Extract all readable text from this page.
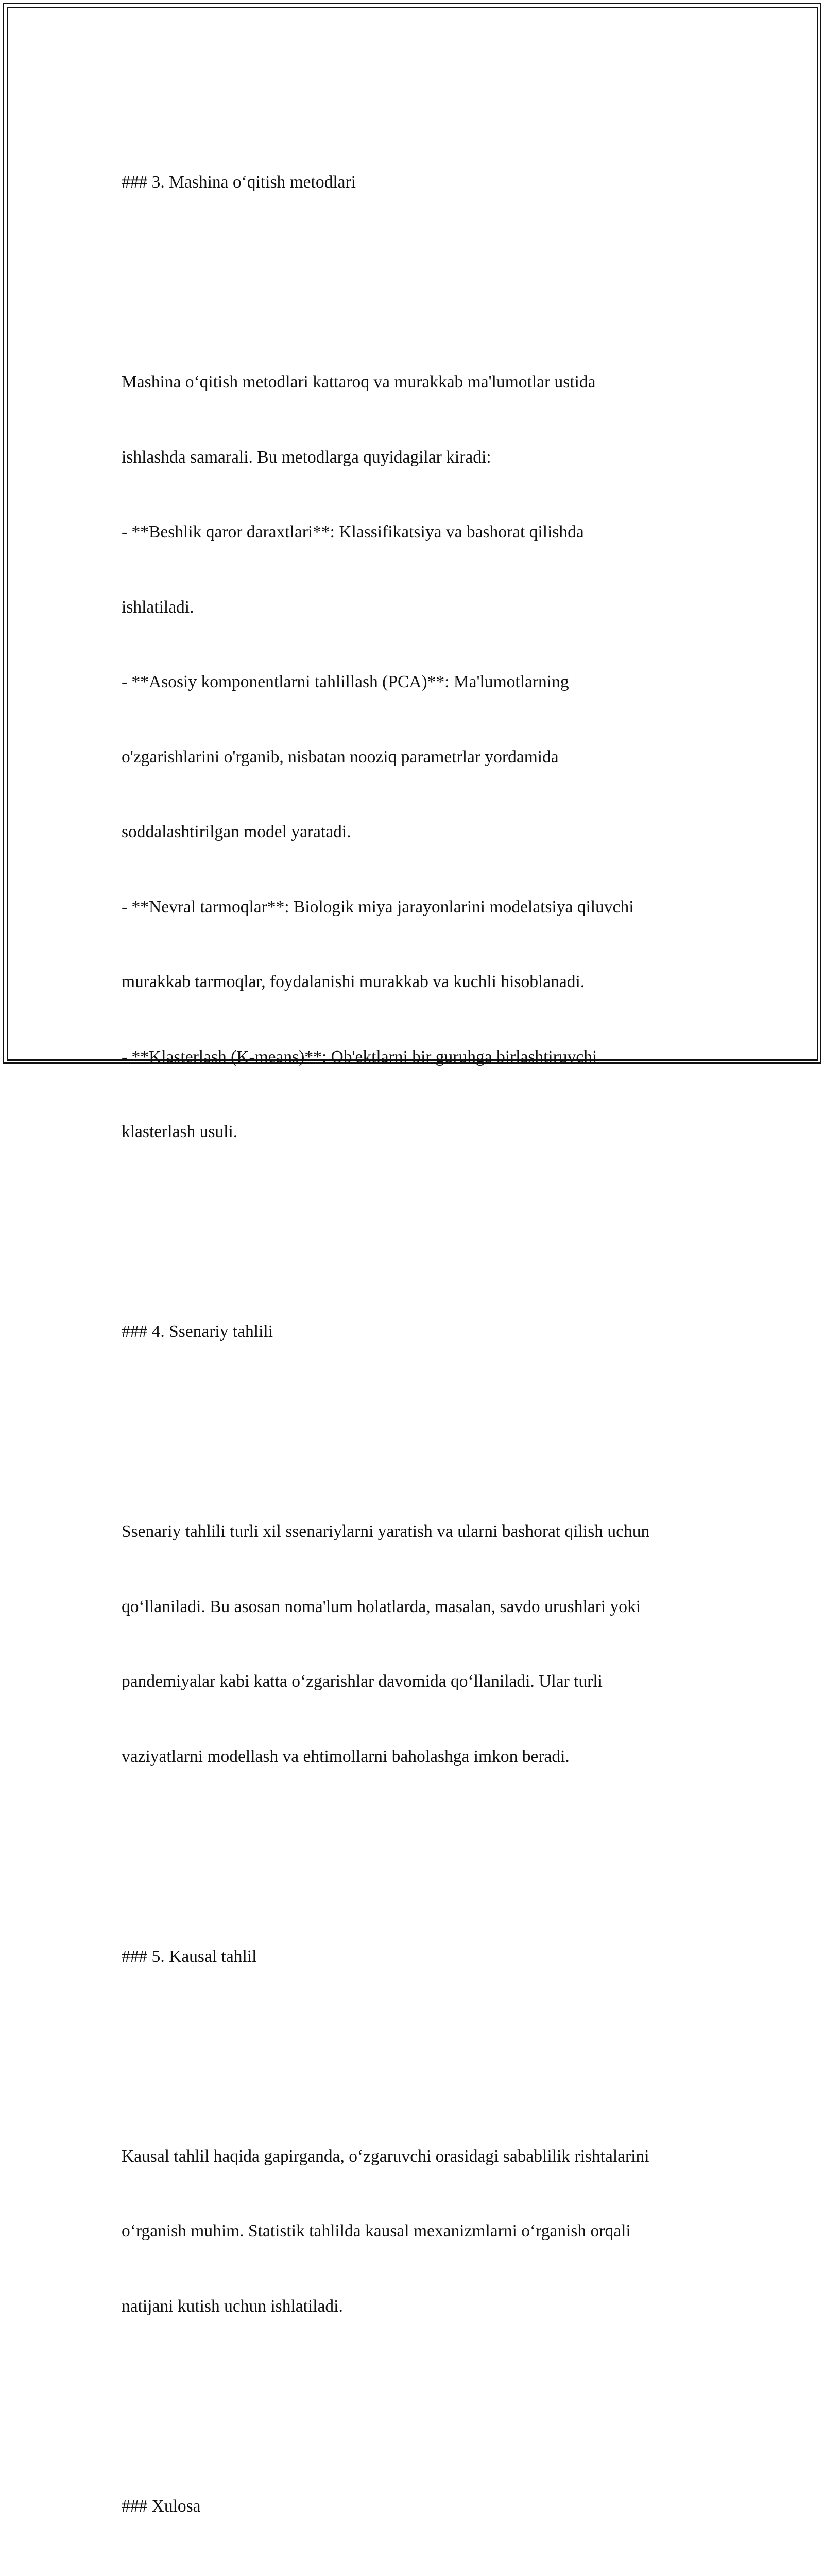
### 3. Mashina o‘qitish metodlari

Mashina o‘qitish metodlari kattaroq va murakkab ma'lumotlar ustida

ishlashda samarali. Bu metodlarga quyidagilar kiradi:

- **Beshlik qaror daraxtlari**: Klassifikatsiya va bashorat qilishda

ishlatiladi.

- **Asosiy komponentlarni tahlillash (PCA)**: Ma'lumotlarning

o'zgarishlarini o'rganib, nisbatan nooziq parametrlar yordamida

soddalashtirilgan model yaratadi.

- **Nevral tarmoqlar**: Biologik miya jarayonlarini modelatsiya qiluvchi

murakkab tarmoqlar, foydalanishi murakkab va kuchli hisoblanadi.

- **Klasterlash (K-means)**: Ob'ektlarni bir guruhga birlashtiruvchi

klasterlash usuli.

### 4. Ssenariy tahlili

Ssenariy tahlili turli xil ssenariylarni yaratish va ularni bashorat qilish uchun

qo‘llaniladi. Bu asosan noma'lum holatlarda, masalan, savdo urushlari yoki

pandemiyalar kabi katta o‘zgarishlar davomida qo‘llaniladi. Ular turli

vaziyatlarni modellash va ehtimollarni baholashga imkon beradi.

### 5. Kausal tahlil

Kausal tahlil haqida gapirganda, o‘zgaruvchi orasidagi sabablilik rishtalarini

o‘rganish muhim. Statistik tahlilda kausal mexanizmlarni o‘rganish orqali

natijani kutish uchun ishlatiladi.

### Xulosa
